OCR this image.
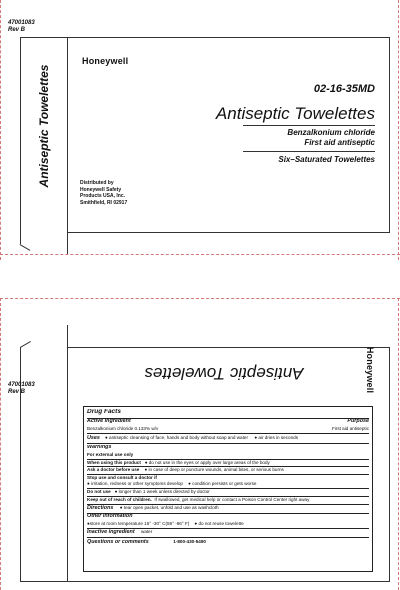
47001083
Rev B
Antiseptic Towelettes
Honeywell
02-16-35MD
Antiseptic Towelettes
Benzalkonium chloride
First aid antiseptic
Six–Saturated Towelettes
Distributed by
Honeywell Safety
Products USA, Inc.
Smithfield, RI 02917
47001083
Rev B
Antiseptic Towelettes	Honeywell
Drug Facts
Active Ingredient	Purpose
Benzalkonium chloride 0.133% w/v	First aid antiseptic
Uses    ● antiseptic cleansing of face, hands and body without soap and water     ● air dries in seconds
Warnings
For external use only
When using this product   ● do not use in the eyes or apply over large areas of the body
Ask a doctor before use    ● in case of deep or puncture wounds, animal bites, or serious burns
Stop use and consult a doctor if
● irritation, redness or other symptoms develop    ● condition persists or gets worse
Do not use   ● longer than 1 week unless directed by doctor
Keep out of reach of children. If swallowed, get medical help or contact a Poison Control Center right away
Directions     ● tear open packet, unfold and use as washcloth
Other Information
●store at room temperature 15° -30° C(59° -86° F)    ● do not reuse towelette
Inactive ingredient water
Questions or comments	1-800-430-5490
